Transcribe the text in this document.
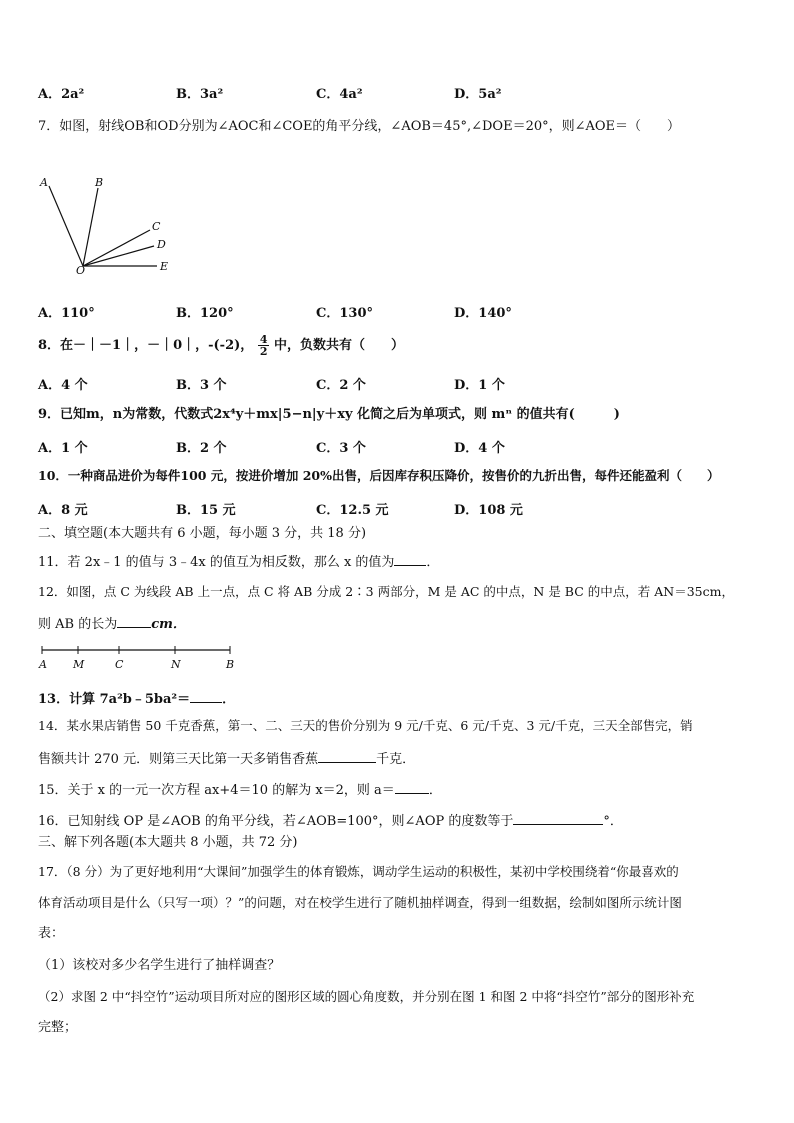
A．2a²	B．3a²	C．4a²	D．5a²
7．如图，射线OB和OD分别为∠AOC和∠COE的角平分线，∠AOB＝45°,∠DOE＝20°，则∠AOE＝（　　）
A	B
C
D
O	E
A．110°	B．120°	C．130°	D．140°
8．在－｜－1｜，－｜0｜，-(-2)， $\frac{4}{2}$ 中，负数共有（　　）
A．4 个	B．3 个	C．2 个	D．1 个
9．已知m，n为常数，代数式2x⁴y＋mx|5−n|y＋xy 化简之后为单项式，则 mⁿ 的值共有(　　　)
A．1 个	B．2 个	C．3 个	D．4 个
10．一种商品进价为每件100 元，按进价增加 20%出售，后因库存积压降价，按售价的九折出售，每件还能盈利（　　）
A．8 元	B．15 元	C．12.5 元	D．108 元
二、填空题(本大题共有 6 小题，每小题 3 分，共 18 分)
11．若 2x﹣1 的值与 3﹣4x 的值互为相反数，那么 x 的值为 ．
12．如图，点 C 为线段 AB 上一点，点 C 将 AB 分成 2∶3 两部分，M 是 AC 的中点，N 是 BC 的中点，若 AN＝35cm，
则 AB 的长为	cm．
A M	C	N	B
13．计算 7a²b﹣5ba²＝ ．
14．某水果店销售 50 千克香蕉，第一、二、三天的售价分别为 9 元/千克、6 元/千克、3 元/千克，三天全部售完，销
售额共计 270 元．则第三天比第一天多销售香蕉	千克．
15．关于 x 的一元一次方程 ax+4＝10 的解为 x＝2，则 a＝	．
16．已知射线 OP 是∠AOB 的角平分线，若∠AOB=100°，则∠AOP 的度数等于	°．
三、解下列各题(本大题共 8 小题，共 72 分)
17．（8 分）为了更好地利用“大课间”加强学生的体育锻炼，调动学生运动的积极性，某初中学校围绕着“你最喜欢的
体育活动项目是什么（只写一项）？”的问题，对在校学生进行了随机抽样调查，得到一组数据，绘制如图所示统计图
表：
（1）该校对多少名学生进行了抽样调查？
（2）求图 2 中“抖空竹”运动项目所对应的图形区域的圆心角度数，并分别在图 1 和图 2 中将“抖空竹”部分的图形补充
完整；
